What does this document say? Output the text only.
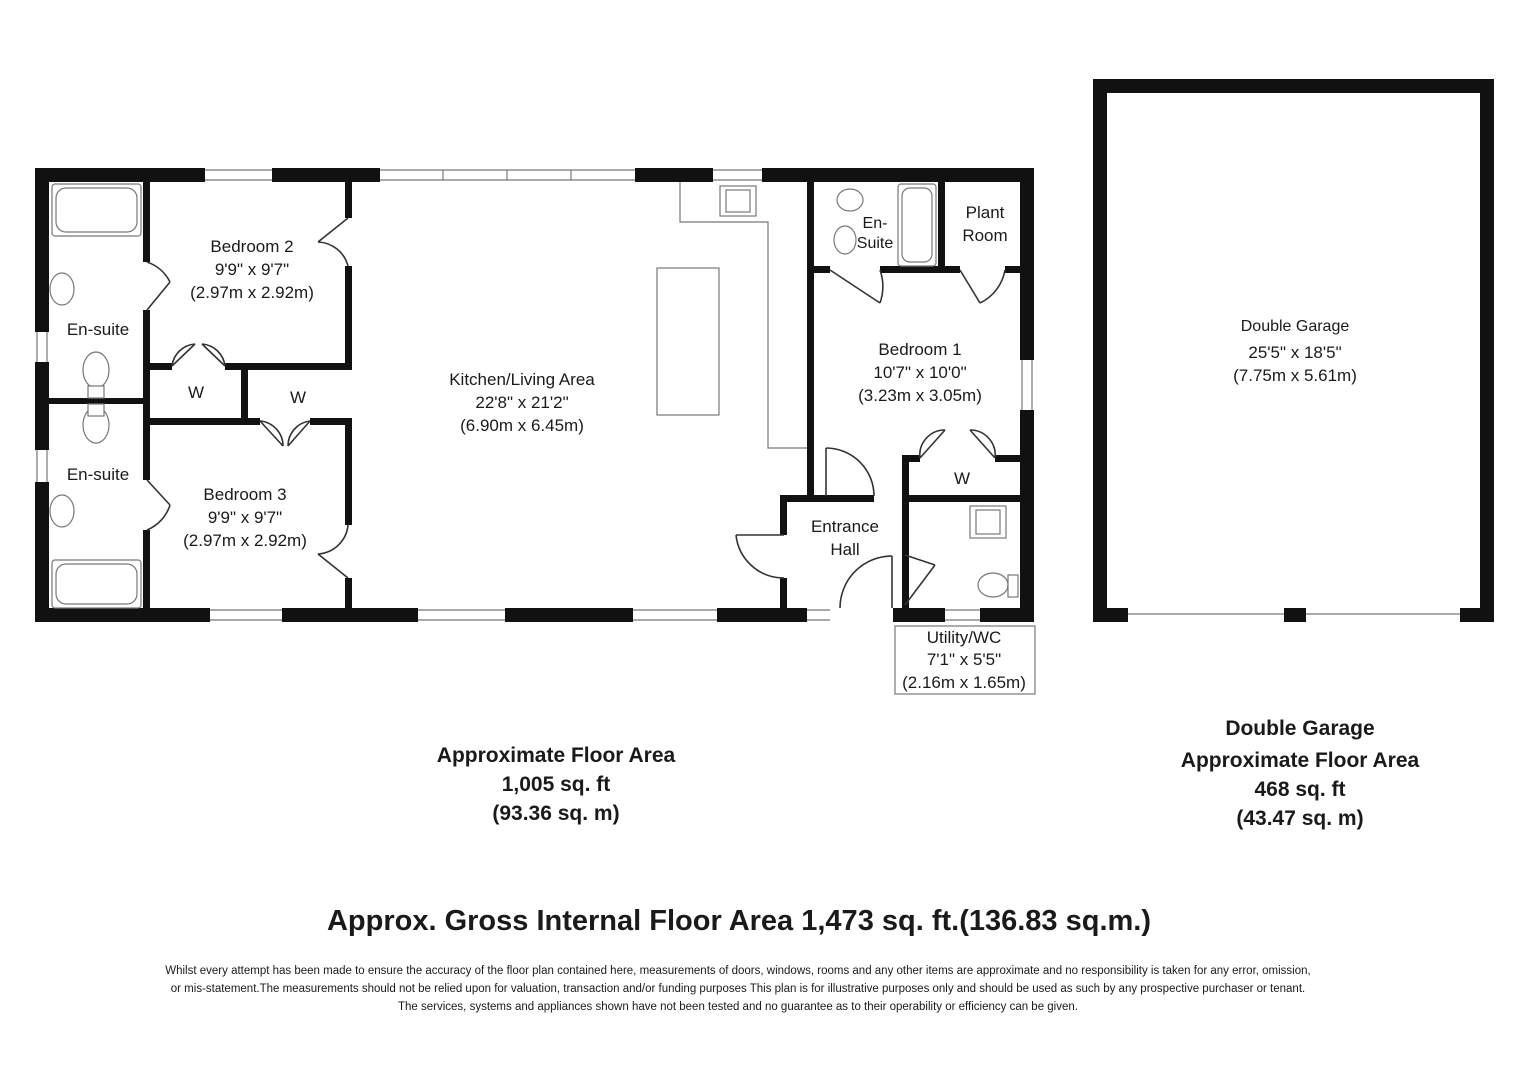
Bedroom 2
9'9" x 9'7"
(2.97m x 2.92m)
Bedroom 3
9'9" x 9'7"
(2.97m x 2.92m)
Kitchen/Living Area
22'8" x 21'2"
(6.90m x 6.45m)
Bedroom 1
10'7" x 10'0"
(3.23m x 3.05m)
Utility/WC
7'1" x 5'5"
(2.16m x 1.65m)
Double Garage
25'5" x 18'5"
(7.75m x 5.61m)
En-suite
En-suite
En-
Suite
Plant
Room
W	W
W
Entrance
Hall
Approximate Floor Area
1,005 sq. ft
(93.36 sq. m)
Double Garage
Approximate Floor Area
468 sq. ft
(43.47 sq. m)
Approx. Gross Internal Floor Area 1,473 sq. ft.(136.83 sq.m.)
Whilst every attempt has been made to ensure the accuracy of the floor plan contained here, measurements of doors, windows, rooms and any other items are approximate and no responsibility is taken for any error, omission,
or mis-statement.The measurements should not be relied upon for valuation, transaction and/or funding purposes This plan is for illustrative purposes only and should be used as such by any prospective purchaser or tenant.
The services, systems and appliances shown have not been tested and no guarantee as to their operability or efficiency can be given.
